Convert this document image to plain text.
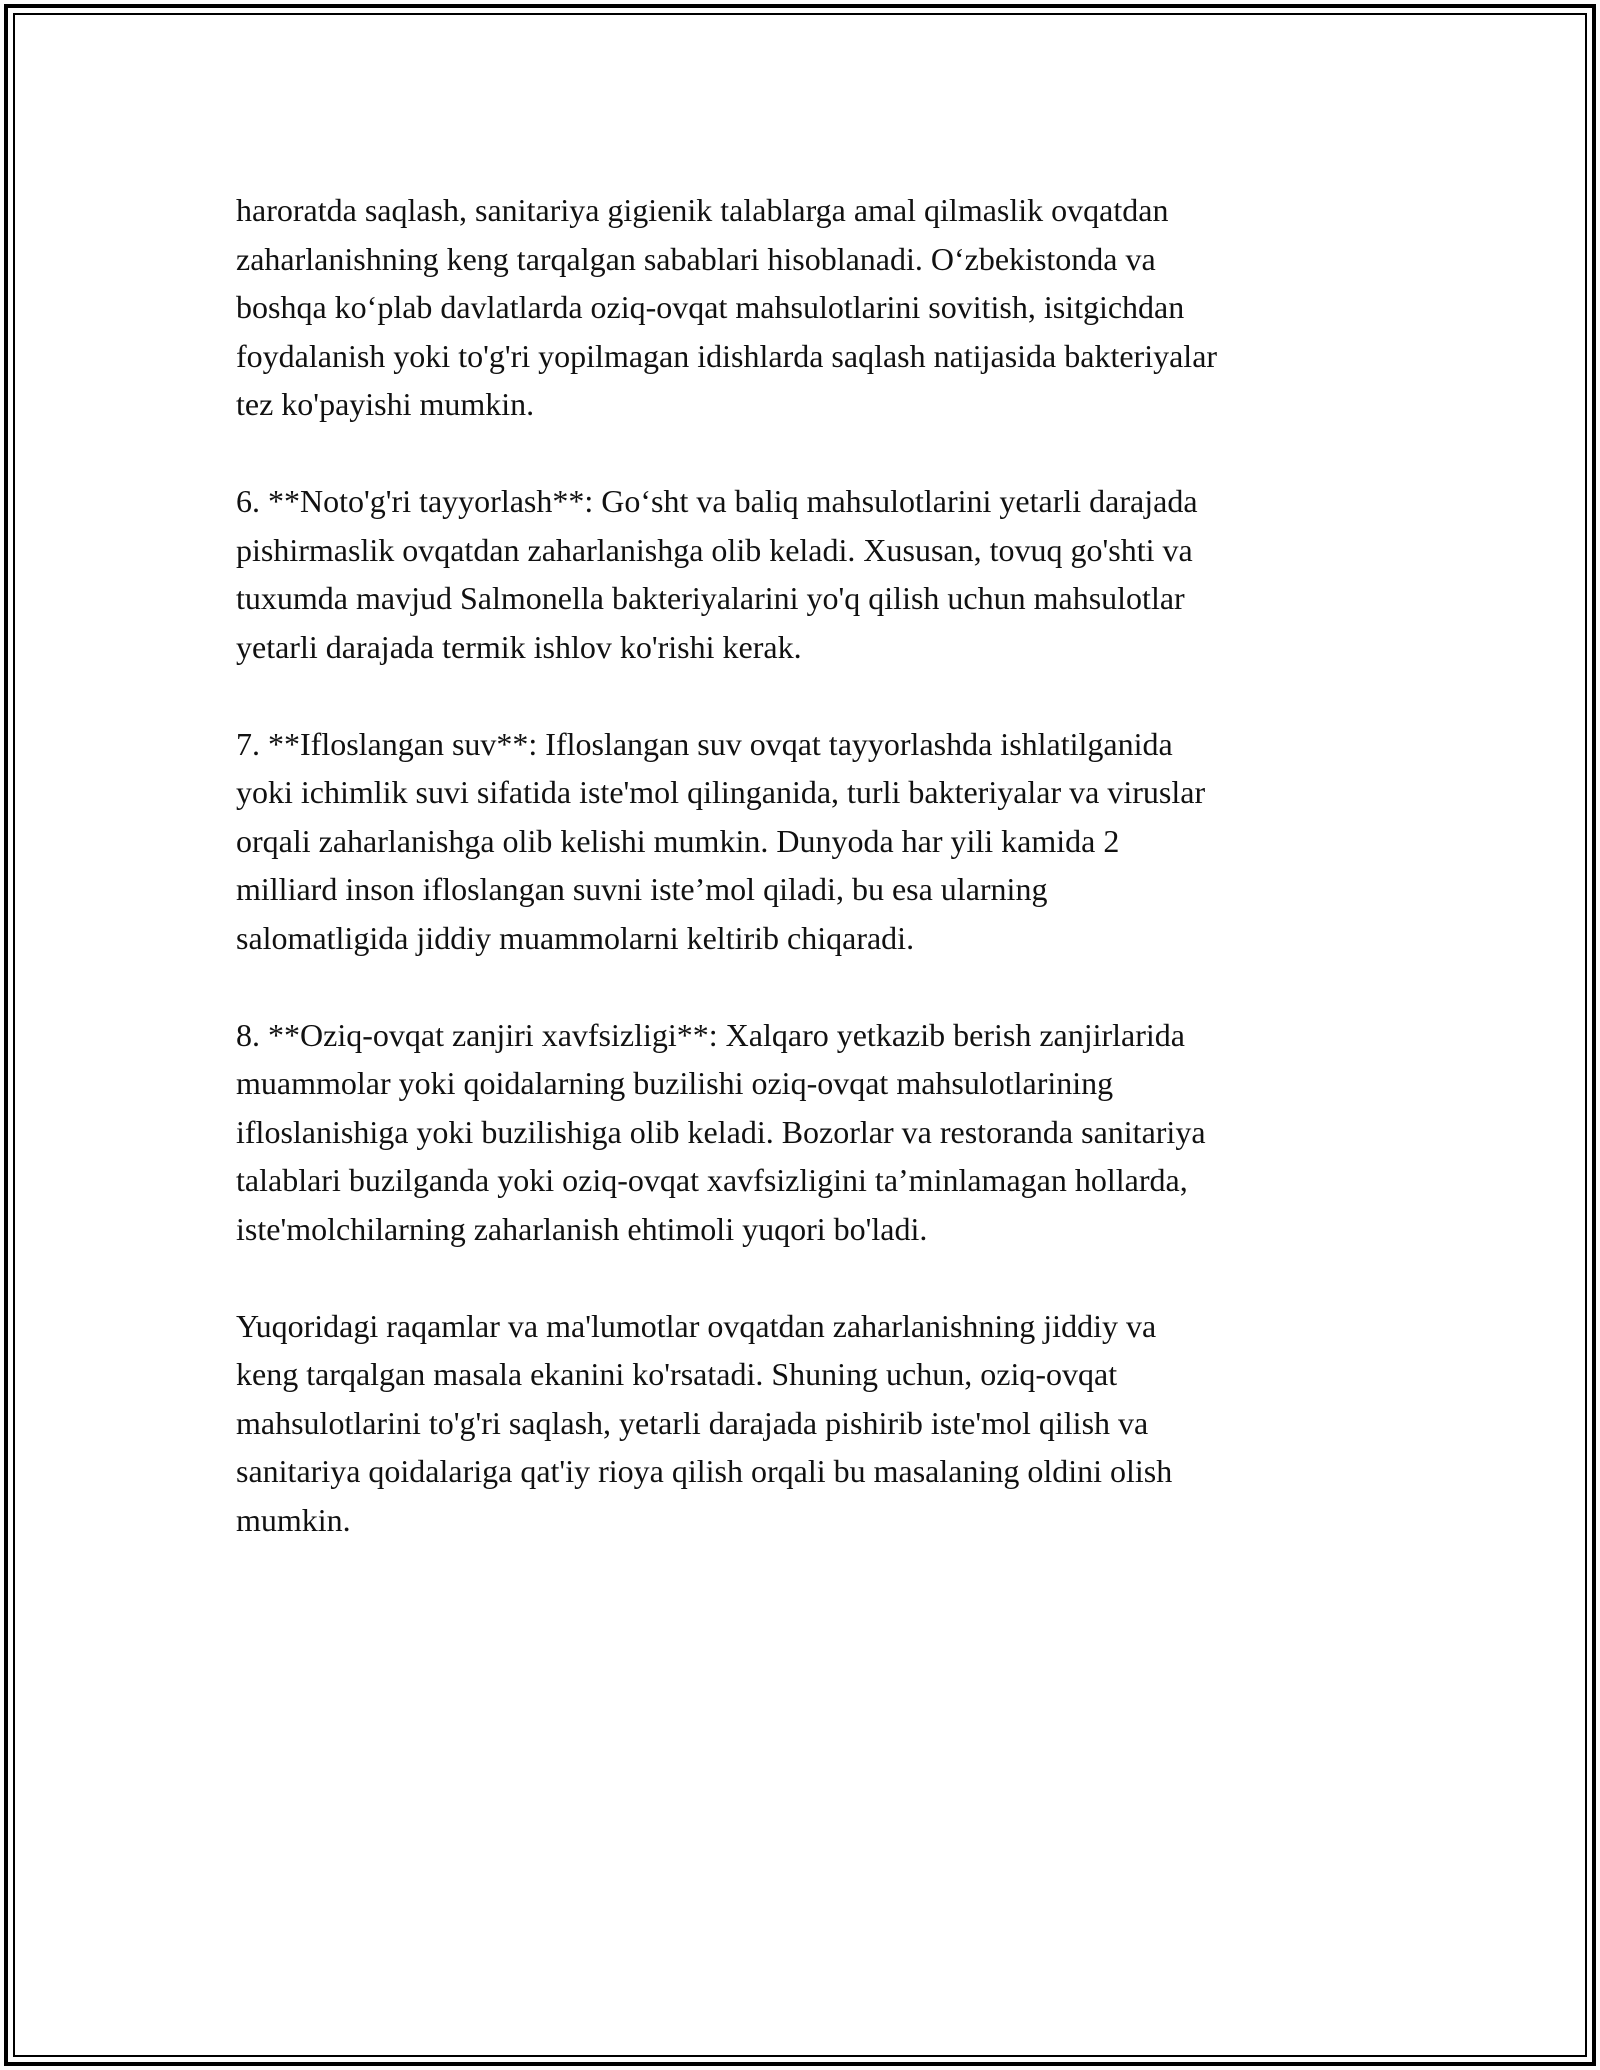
haroratda saqlash, sanitariya gigienik talablarga amal qilmaslik ovqatdan
zaharlanishning keng tarqalgan sabablari hisoblanadi. O‘zbekistonda va
boshqa ko‘plab davlatlarda oziq-ovqat mahsulotlarini sovitish, isitgichdan
foydalanish yoki to'g'ri yopilmagan idishlarda saqlash natijasida bakteriyalar
tez ko'payishi mumkin.

6. **Noto'g'ri tayyorlash**: Go‘sht va baliq mahsulotlarini yetarli darajada
pishirmaslik ovqatdan zaharlanishga olib keladi. Xususan, tovuq go'shti va
tuxumda mavjud Salmonella bakteriyalarini yo'q qilish uchun mahsulotlar
yetarli darajada termik ishlov ko'rishi kerak.

7. **Ifloslangan suv**: Ifloslangan suv ovqat tayyorlashda ishlatilganida
yoki ichimlik suvi sifatida iste'mol qilinganida, turli bakteriyalar va viruslar
orqali zaharlanishga olib kelishi mumkin. Dunyoda har yili kamida 2
milliard inson ifloslangan suvni iste’mol qiladi, bu esa ularning
salomatligida jiddiy muammolarni keltirib chiqaradi.

8. **Oziq-ovqat zanjiri xavfsizligi**: Xalqaro yetkazib berish zanjirlarida
muammolar yoki qoidalarning buzilishi oziq-ovqat mahsulotlarining
ifloslanishiga yoki buzilishiga olib keladi. Bozorlar va restoranda sanitariya
talablari buzilganda yoki oziq-ovqat xavfsizligini ta’minlamagan hollarda,
iste'molchilarning zaharlanish ehtimoli yuqori bo'ladi.

Yuqoridagi raqamlar va ma'lumotlar ovqatdan zaharlanishning jiddiy va
keng tarqalgan masala ekanini ko'rsatadi. Shuning uchun, oziq-ovqat
mahsulotlarini to'g'ri saqlash, yetarli darajada pishirib iste'mol qilish va
sanitariya qoidalariga qat'iy rioya qilish orqali bu masalaning oldini olish
mumkin.
